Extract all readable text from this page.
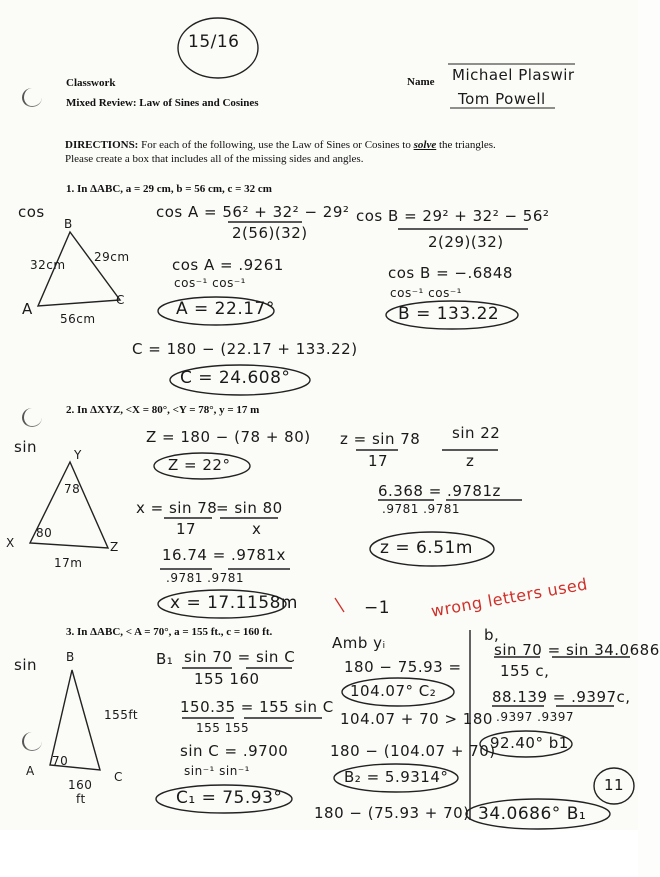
15/16
Classwork
Mixed Review: Law of Sines and Cosines
Name Michael Plaswir
Tom Powell
DIRECTIONS: For each of the following, use the Law of Sines or Cosines to solve the triangles. Please create a box that includes all of the missing sides and angles.
1. In ΔABC, a = 29 cm, b = 56 cm, c = 32 cm
cos
B
A	C
32cm
29cm
56cm
cos A = 56² + 32² − 29²
2(56)(32)
cos A = .9261
cos⁻¹ cos⁻¹
A = 22.17°
cos B = 29² + 32² − 56²
2(29)(32)
cos B = −.6848
cos⁻¹ cos⁻¹
B = 133.22
C = 180 − (22.17 + 133.22)
C = 24.608°
2. In ΔXYZ, <X = 80°, <Y = 78°, y = 17 m
sin	Y
X	Z
78
80
17m
Z = 180 − (78 + 80)
Z = 22°
x = sin 78
17
= sin 80
x
16.74 = .9781x
.9781 .9781
x = 17.1158m
z = sin 78
17
sin 22
z
6.368 = .9781z
.9781 .9781
z = 6.51m
−1 wrong letters used
3. In ΔABC, < A = 70°, a = 155 ft., c = 160 ft.
sin B
A	C
155ft
70
160
ft
B₁ sin 70 = sin C
155 160
150.35 = 155 sin C
155 155
sin C = .9700
sin⁻¹ sin⁻¹
C₁ = 75.93°
Amb yᵢ
180 − 75.93 =
104.07° C₂
104.07 + 70 > 180
180 − (104.07 + 70)
B₂ = 5.9314°
180 − (75.93 + 70) 34.0686° B₁
b,
sin 70 = sin 34.0686
155 c,
88.139 = .9397c,
.9397 .9397
92.40° b1
11
